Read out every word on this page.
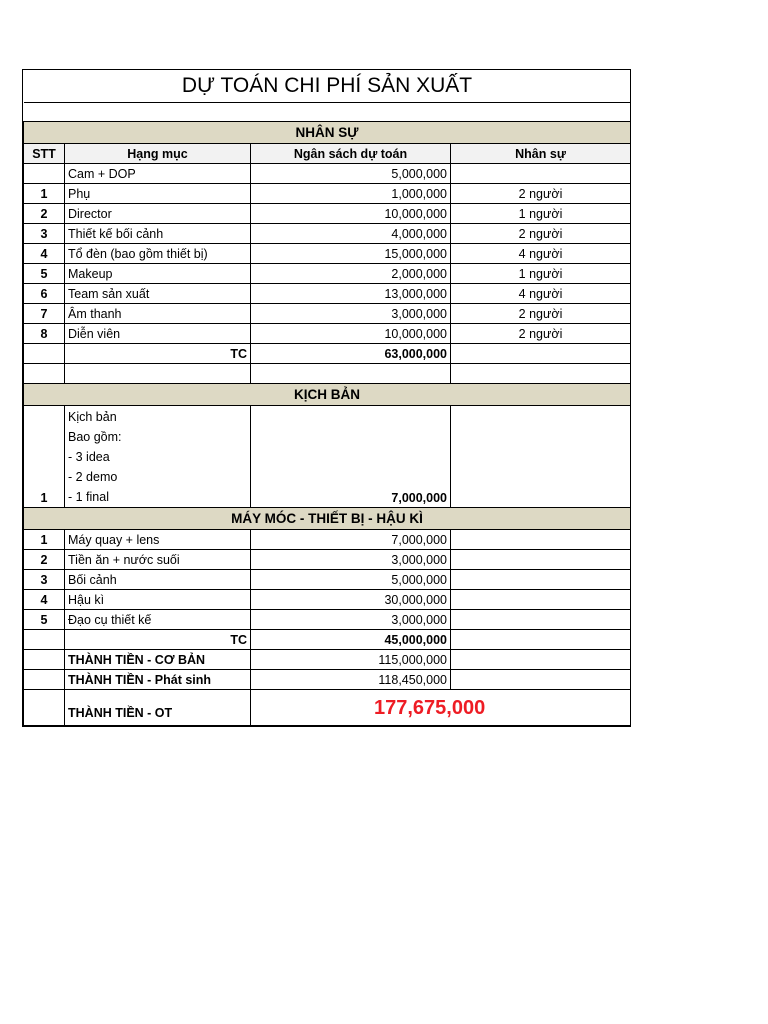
DỰ TOÁN CHI PHÍ SẢN XUẤT			

NHÂN SỰ			
STT	Hạng mục	Ngân sách dự toán	Nhân sự
	Cam + DOP	5,000,000	
1	Phụ	1,000,000	2 người
2	Director	10,000,000	1 người
3	Thiết kế bối cảnh	4,000,000	2 người
4	Tổ đèn (bao gồm thiết bị)	15,000,000	4 người
5	Makeup	2,000,000	1 người
6	Team sản xuất	13,000,000	4 người
7	Âm thanh	3,000,000	2 người
8	Diễn viên	10,000,000	2 người
	TC	63,000,000	

KỊCH BẢN			
1	Kịch bản
Bao gồm:
- 3 idea
- 2 demo
- 1 final	7,000,000	
MÁY MÓC - THIẾT BỊ - HẬU KÌ			
1	Máy quay + lens	7,000,000	
2	Tiền ăn + nước suối	3,000,000	
3	Bối cảnh	5,000,000	
4	Hậu kì	30,000,000	
5	Đạo cụ thiết kế	3,000,000	
	TC	45,000,000	
	THÀNH TIỀN - CƠ BẢN	115,000,000	
	THÀNH TIỀN - Phát sinh	118,450,000	
	THÀNH TIỀN - OT	177,675,000	
